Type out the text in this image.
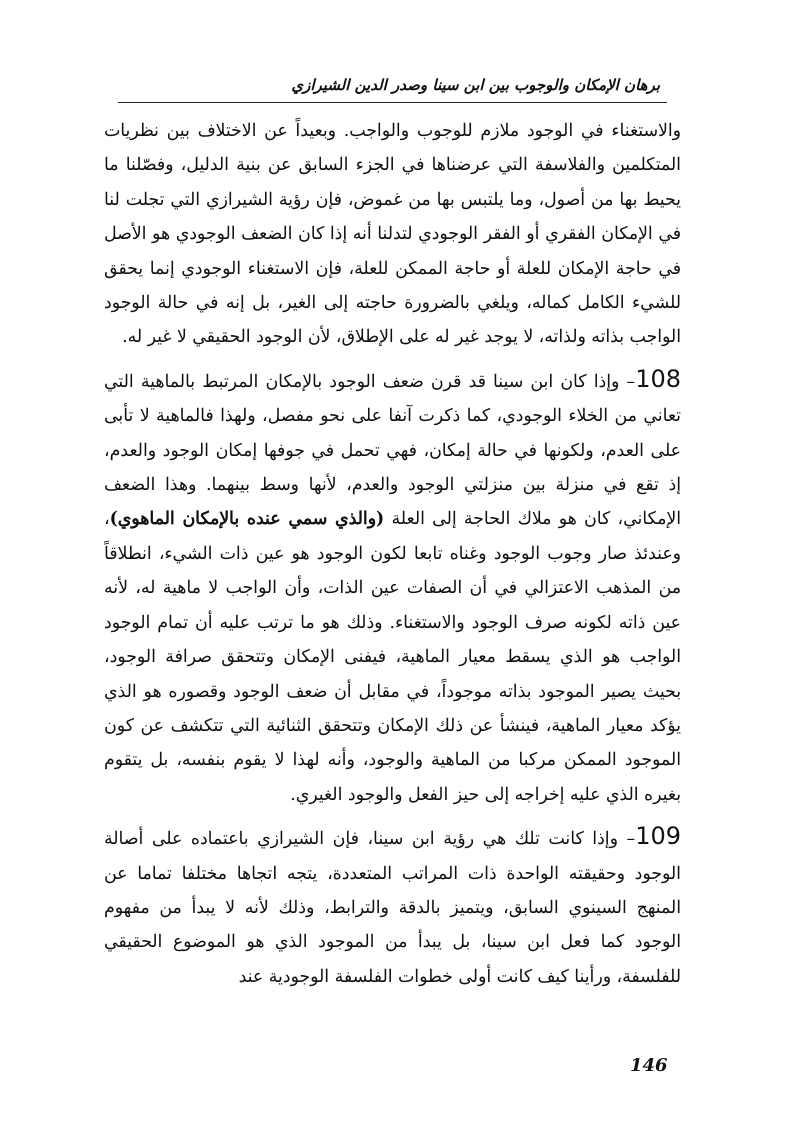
برهان الإمكان والوجوب بين ابن سينا وصدر الدين الشيرازي

والاستغناء في الوجود ملازم للوجوب والواجب. وبعيداً عن الاختلاف بين نظريات المتكلمين والفلاسفة التي عرضناها في الجزء السابق عن بنية الدليل، وفصّلنا ما يحيط بها من أصول، وما يلتبس بها من غموض، فإن رؤية الشيرازي التي تجلت لنا في الإمكان الفقري أو الفقر الوجودي لتدلنا أنه إذا كان الضعف الوجودي هو الأصل في حاجة الإمكان للعلة أو حاجة الممكن للعلة، فإن الاستغناء الوجودي إنما يحقق للشيء الكامل كماله، ويلغي بالضرورة حاجته إلى الغير، بل إنه في حالة الوجود الواجب بذاته ولذاته، لا يوجد غير له على الإطلاق، لأن الوجود الحقيقي لا غير له.

108– وإذا كان ابن سينا قد قرن ضعف الوجود بالإمكان المرتبط بالماهية التي تعاني من الخلاء الوجودي، كما ذكرت آنفا على نحو مفصل، ولهذا فالماهية لا تأبى على العدم، ولكونها في حالة إمكان، فهي تحمل في جوفها إمكان الوجود والعدم، إذ تقع في منزلة بين منزلتي الوجود والعدم، لأنها وسط بينهما. وهذا الضعف الإمكاني، كان هو ملاك الحاجة إلى العلة (والذي سمي عنده بالإمكان الماهوي)، وعندئذ صار وجوب الوجود وغناه تابعا لكون الوجود هو عين ذات الشيء، انطلاقاً من المذهب الاعتزالي في أن الصفات عين الذات، وأن الواجب لا ماهية له، لأنه عين ذاته لكونه صرف الوجود والاستغناء. وذلك هو ما ترتب عليه أن تمام الوجود الواجب هو الذي يسقط معيار الماهية، فيفنى الإمكان وتتحقق صرافة الوجود، بحيث يصير الموجود بذاته موجوداً، في مقابل أن ضعف الوجود وقصوره هو الذي يؤكد معيار الماهية، فينشأ عن ذلك الإمكان وتتحقق الثنائية التي تتكشف عن كون الموجود الممكن مركبا من الماهية والوجود، وأنه لهذا لا يقوم بنفسه، بل يتقوم بغيره الذي عليه إخراجه إلى حيز الفعل والوجود الغيري.

109– وإذا كانت تلك هي رؤية ابن سينا، فإن الشيرازي باعتماده على أصالة الوجود وحقيقته الواحدة ذات المراتب المتعددة، يتجه اتجاها مختلفا تماما عن المنهج السينوي السابق، ويتميز بالدقة والترابط، وذلك لأنه لا يبدأ من مفهوم الوجود كما فعل ابن سينا، بل يبدأ من الموجود الذي هو الموضوع الحقيقي للفلسفة، ورأينا كيف كانت أولى خطوات الفلسفة الوجودية عند

146
